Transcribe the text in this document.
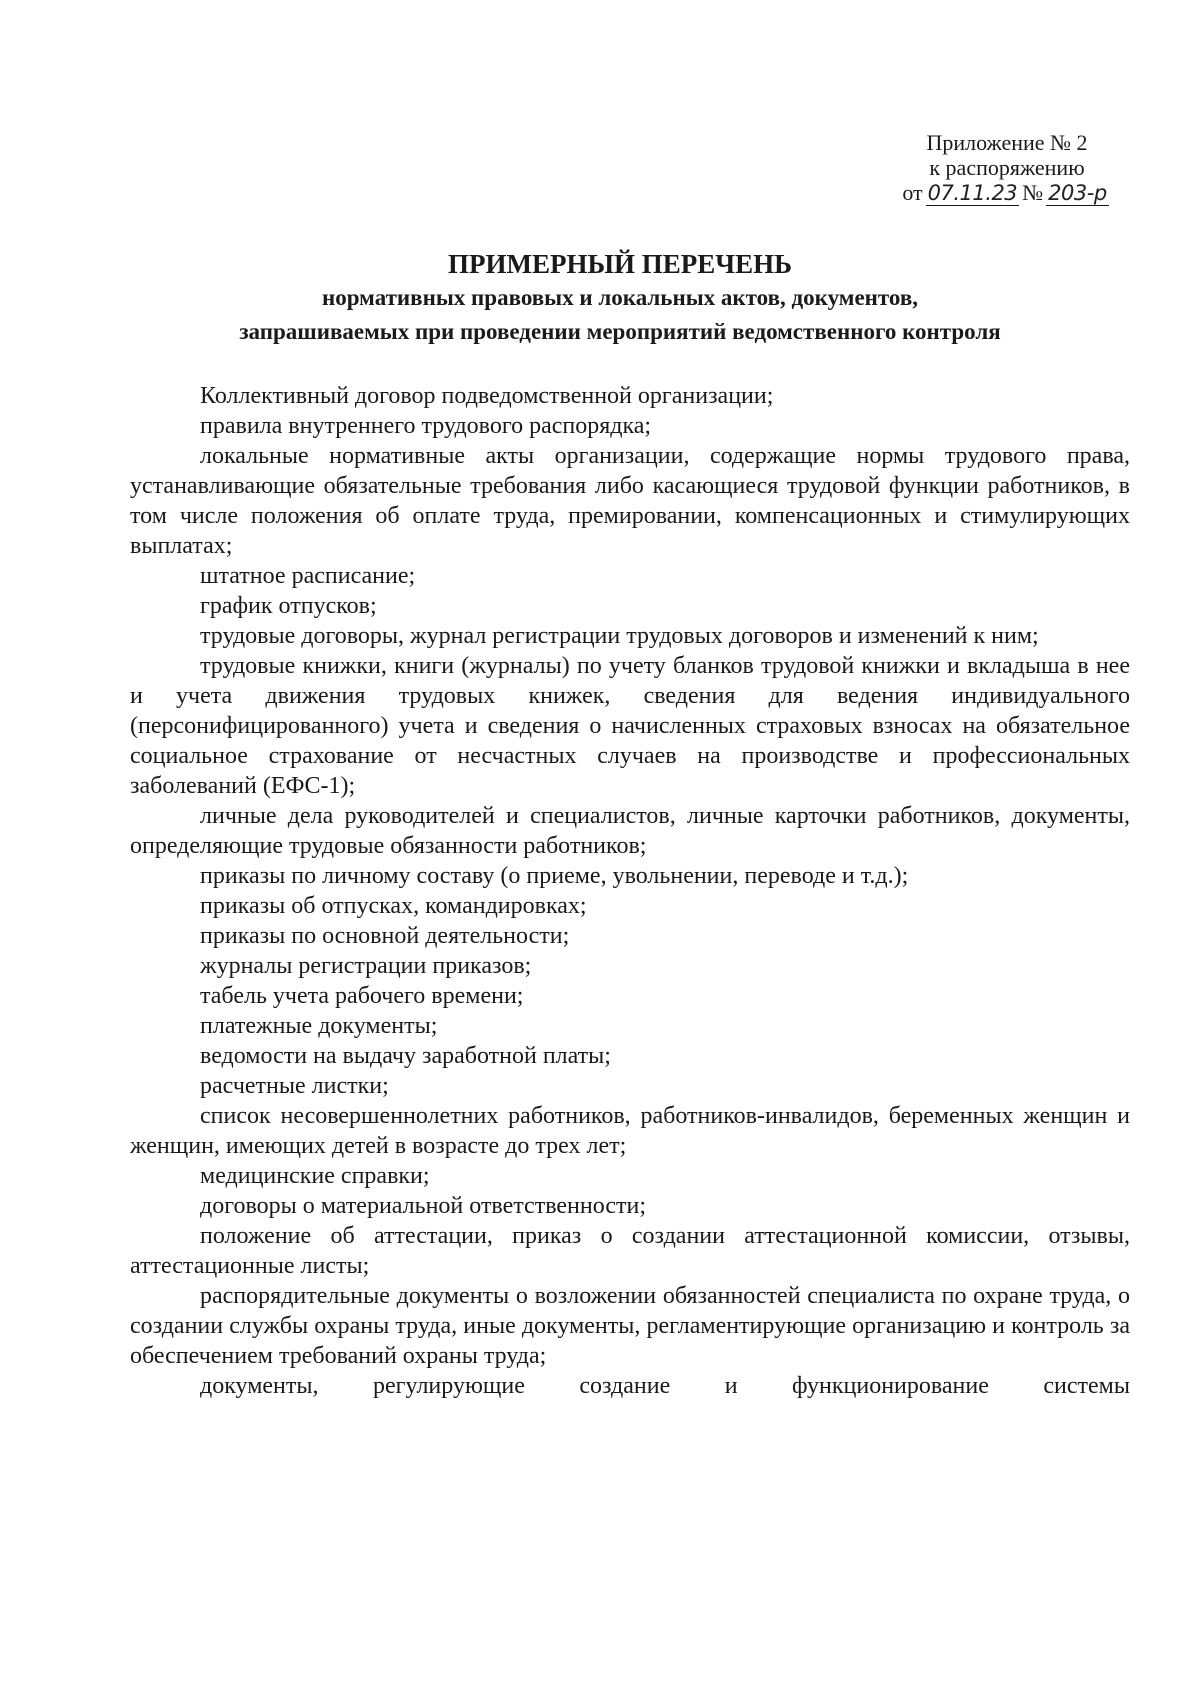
Приложение № 2
к распоряжению
от 07.11.23 № 203-р

ПРИМЕРНЫЙ ПЕРЕЧЕНЬ

нормативных правовых и локальных актов, документов,

запрашиваемых при проведении мероприятий ведомственного контроля

Коллективный договор подведомственной организации;

правила внутреннего трудового распорядка;

локальные нормативные акты организации, содержащие нормы трудового права, устанавливающие обязательные требования либо касающиеся трудовой функции работников, в том числе положения об оплате труда, премировании, компенсационных и стимулирующих выплатах;

штатное расписание;

график отпусков;

трудовые договоры, журнал регистрации трудовых договоров и изменений к ним;

трудовые книжки, книги (журналы) по учету бланков трудовой книжки и вкладыша в нее и учета движения трудовых книжек, сведения для ведения индивидуального (персонифицированного) учета и сведения о начисленных страховых взносах на обязательное социальное страхование от несчастных случаев на производстве и профессиональных заболеваний (ЕФС-1);

личные дела руководителей и специалистов, личные карточки работников, документы, определяющие трудовые обязанности работников;

приказы по личному составу (о приеме, увольнении, переводе и т.д.);

приказы об отпусках, командировках;

приказы по основной деятельности;

журналы регистрации приказов;

табель учета рабочего времени;

платежные документы;

ведомости на выдачу заработной платы;

расчетные листки;

список несовершеннолетних работников, работников-инвалидов, беременных женщин и женщин, имеющих детей в возрасте до трех лет;

медицинские справки;

договоры о материальной ответственности;

положение об аттестации, приказ о создании аттестационной комиссии, отзывы, аттестационные листы;

распорядительные документы о возложении обязанностей специалиста по охране труда, о создании службы охраны труда, иные документы, регламентирующие организацию и контроль за обеспечением требований охраны труда;

документы, регулирующие создание и функционирование системы
